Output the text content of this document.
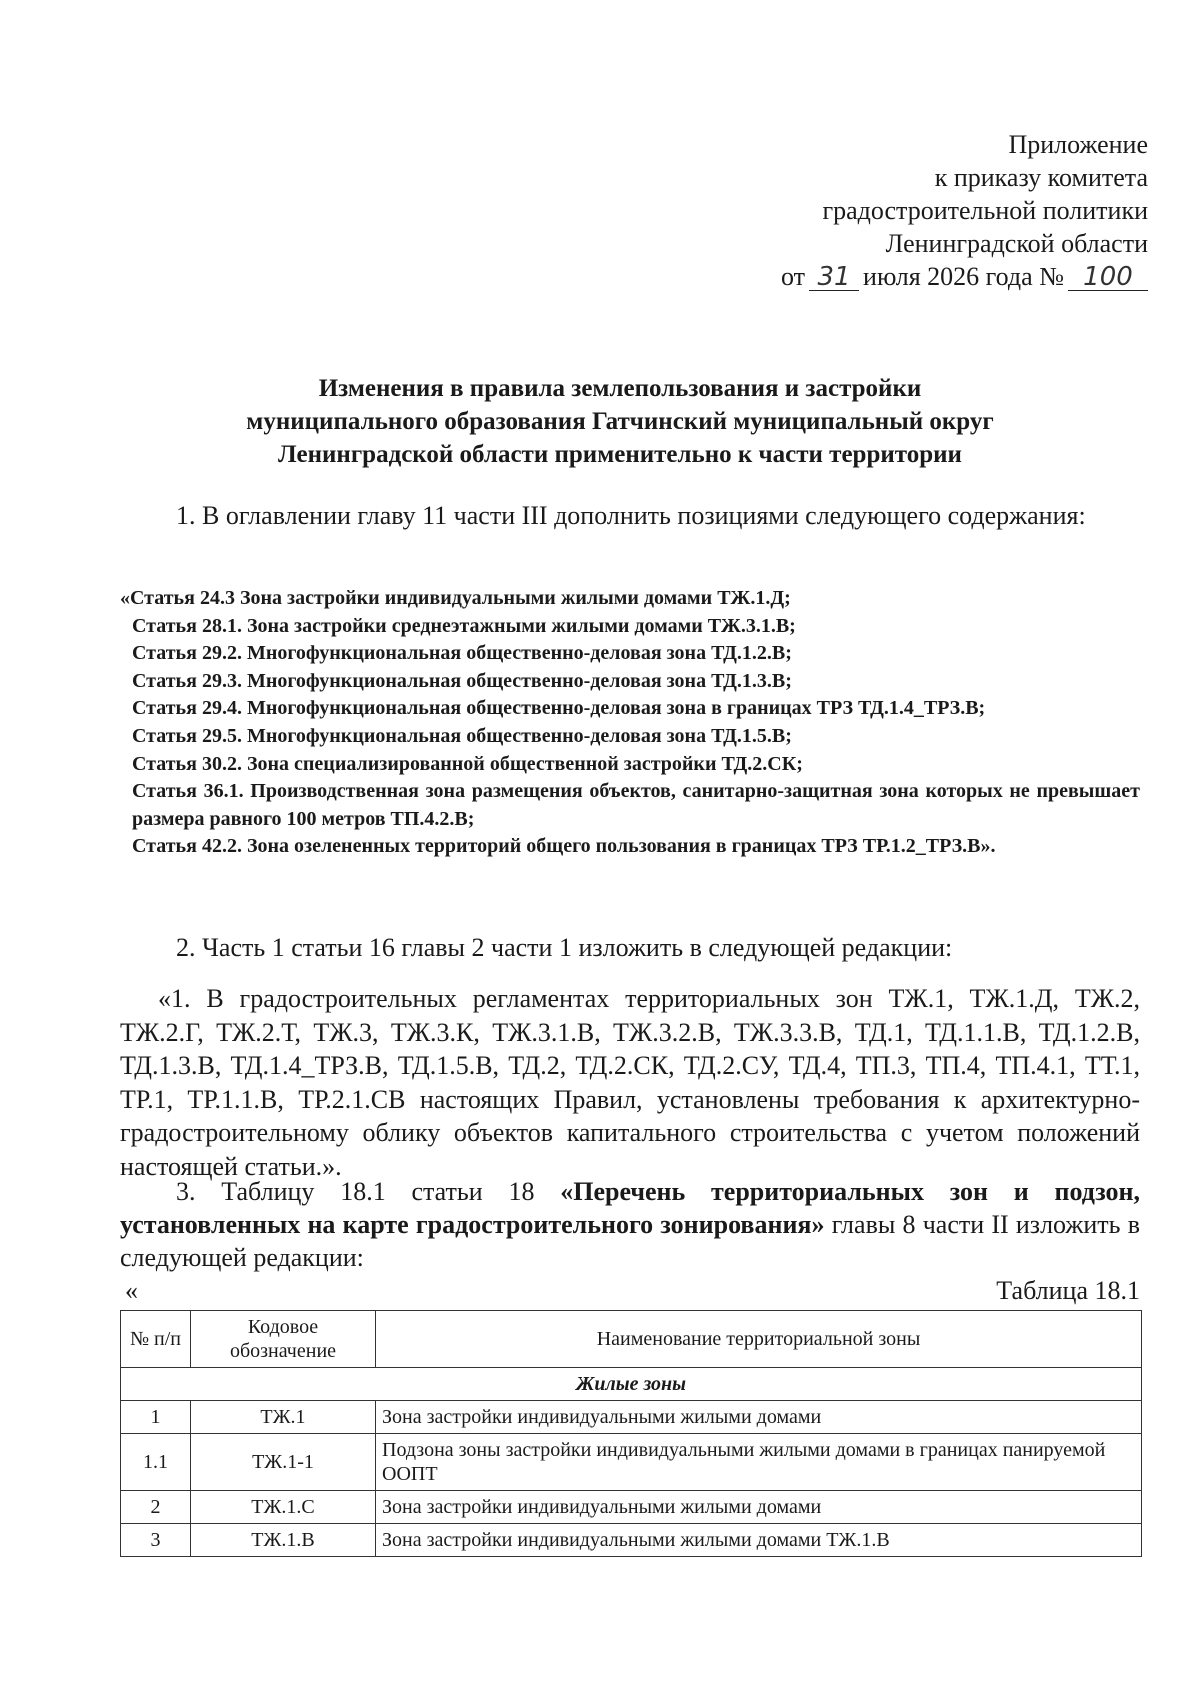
Приложение
к приказу комитета
градостроительной политики
Ленинградской области
от 31 июля 2026 года № 100
Изменения в правила землепользования и застройки
муниципального образования Гатчинский муниципальный округ
Ленинградской области применительно к части территории
1. В оглавлении главу 11 части III дополнить позициями следующего содержания:
«Статья 24.3 Зона застройки индивидуальными жилыми домами ТЖ.1.Д;
Статья 28.1. Зона застройки среднеэтажными жилыми домами ТЖ.3.1.В;
Статья 29.2. Многофункциональная общественно-деловая зона ТД.1.2.В;
Статья 29.3. Многофункциональная общественно-деловая зона ТД.1.3.В;
Статья 29.4. Многофункциональная общественно-деловая зона в границах ТРЗ ТД.1.4_ТРЗ.В;
Статья 29.5. Многофункциональная общественно-деловая зона ТД.1.5.В;
Статья 30.2. Зона специализированной общественной застройки ТД.2.СК;
Статья 36.1. Производственная зона размещения объектов, санитарно-защитная зона которых не превышает размера равного 100 метров ТП.4.2.В;
Статья 42.2. Зона озелененных территорий общего пользования в границах ТРЗ ТР.1.2_ТРЗ.В».
2. Часть 1 статьи 16 главы 2 части 1 изложить в следующей редакции:
«1. В градостроительных регламентах территориальных зон ТЖ.1, ТЖ.1.Д, ТЖ.2, ТЖ.2.Г, ТЖ.2.Т, ТЖ.3, ТЖ.3.К, ТЖ.3.1.В, ТЖ.3.2.В, ТЖ.3.3.В, ТД.1, ТД.1.1.В, ТД.1.2.В, ТД.1.3.В, ТД.1.4_ТРЗ.В, ТД.1.5.В, ТД.2, ТД.2.СК, ТД.2.СУ, ТД.4, ТП.3, ТП.4, ТП.4.1, ТТ.1, ТР.1, ТР.1.1.В, ТР.2.1.СВ настоящих Правил, установлены требования к архитектурно-градостроительному облику объектов капитального строительства с учетом положений настоящей статьи.».
3. Таблицу 18.1 статьи 18 «Перечень территориальных зон и подзон, установленных на карте градостроительного зонирования» главы 8 части II изложить в следующей редакции:
«	Таблица 18.1
№ п/п	Кодовое обозначение	Наименование территориальной зоны
Жилые зоны		
1	ТЖ.1	Зона застройки индивидуальными жилыми домами
1.1	ТЖ.1-1	Подзона зоны застройки индивидуальными жилыми домами в границах панируемой ООПТ
2	ТЖ.1.С	Зона застройки индивидуальными жилыми домами
3	ТЖ.1.В	Зона застройки индивидуальными жилыми домами ТЖ.1.В
